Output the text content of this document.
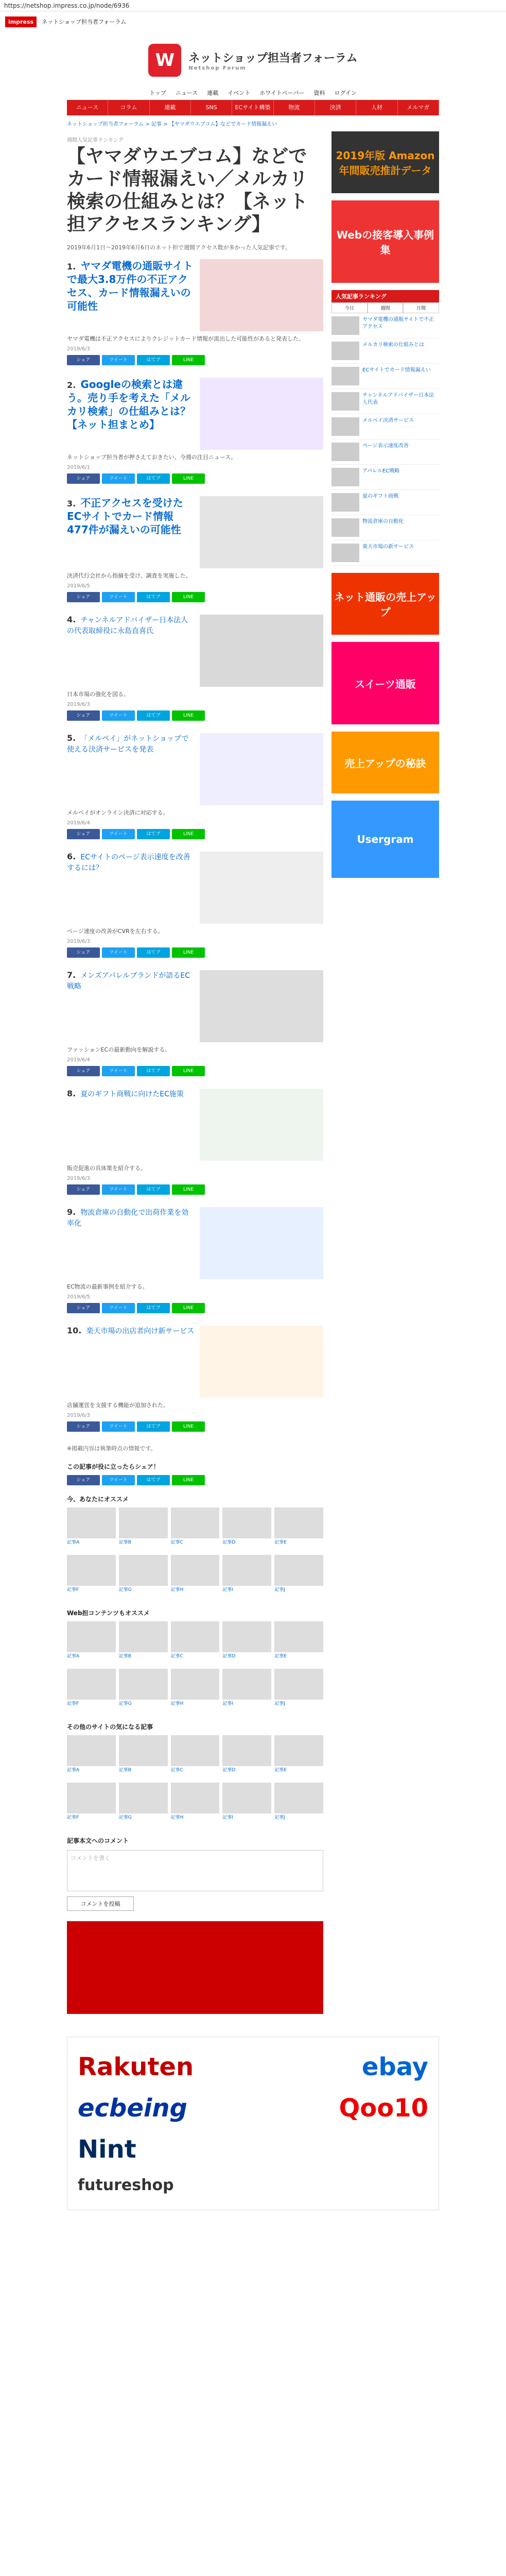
https://netshop.impress.co.jp/node/6936
impress	ネットショップ担当者フォーラム
W	ネットショップ担当者フォーラム
Netshop Forum
トップ ニュース 連載 イベント ホワイトペーパー 資料 ログイン
ニュース	コラム	連載	SNS	ECサイト構築	物流	決済	人材	メルマガ
ネットショップ担当者フォーラム > 記事 > 【ヤマダウエブコム】などでカード情報漏えい
週間人気記事ランキング
【ヤマダウエブコム】などでカード情報漏えい／メルカリ検索の仕組みとは？【ネット担アクセスランキング】

2019年6月1日〜2019年6月6日のネット担で週間アクセス数が多かった人気記事です。

1. ヤマダ電機の通販サイトで最大3.8万件の不正アクセス、カード情報漏えいの可能性

ヤマダ電機は不正アクセスによりクレジットカード情報が流出した可能性があると発表した。

2019/6/3

シェア	ツイート	はてブ	LINE
2. Googleの検索とは違う。売り手を考えた「メルカリ検索」の仕組みとは？【ネット担まとめ】

ネットショップ担当者が押さえておきたい、今週の注目ニュース。

2019/6/1

シェア	ツイート	はてブ	LINE
3. 不正アクセスを受けたECサイトでカード情報477件が漏えいの可能性

決済代行会社から指摘を受け、調査を実施した。

2019/6/5

シェア	ツイート	はてブ	LINE
4. チャンネルアドバイザー日本法人の代表取締役に永島直喜氏

日本市場の強化を図る。

2019/6/3

シェア	ツイート	はてブ	LINE
5. 「メルペイ」がネットショップで使える決済サービスを発表

メルペイがオンライン決済に対応する。

2019/6/4

シェア	ツイート	はてブ	LINE
6. ECサイトのページ表示速度を改善するには？

ページ速度の改善がCVRを左右する。

2019/6/3

シェア	ツイート	はてブ	LINE
7. メンズアパレルブランドが語るEC戦略

ファッションECの最新動向を解説する。

2019/6/4

シェア	ツイート	はてブ	LINE
8. 夏のギフト商戦に向けたEC施策

販売促進の具体策を紹介する。

2019/6/3

シェア	ツイート	はてブ	LINE
9. 物流倉庫の自動化で出荷作業を効率化

EC物流の最新事例を紹介する。

2019/6/5

シェア	ツイート	はてブ	LINE
10. 楽天市場の出店者向け新サービス

店舗運営を支援する機能が追加された。

2019/6/3

シェア	ツイート	はてブ	LINE

※掲載内容は執筆時点の情報です。

この記事が役に立ったらシェア！
シェア	ツイート	はてブ	LINE
今、あなたにオススメ
記事A	記事B	記事C	記事D	記事E
記事F	記事G	記事H	記事I	記事J
Web担コンテンツもオススメ
記事A	記事B	記事C	記事D	記事E
記事F	記事G	記事H	記事I	記事J
その他のサイトの気になる記事
記事A	記事B	記事C	記事D	記事E
記事F	記事G	記事H	記事I	記事J
記事本文へのコメント
コメントを書く
コメントを投稿
2019年版 Amazon 年間販売推計データ
Webの接客導入事例集
人気記事ランキング
今日	週間	月間
ヤマダ電機の通販サイトで不正アクセス
メルカリ検索の仕組みとは
ECサイトでカード情報漏えい
チャンネルアドバイザー日本法人代表
メルペイ決済サービス
ページ表示速度改善
アパレルEC戦略
夏のギフト商戦
物流倉庫の自動化
楽天市場の新サービス
ネット通販の売上アップ
スイーツ通販
売上アップの秘訣
Usergram
Rakuten	ebay
ecbeing	Qoo10
Nint
futureshop
